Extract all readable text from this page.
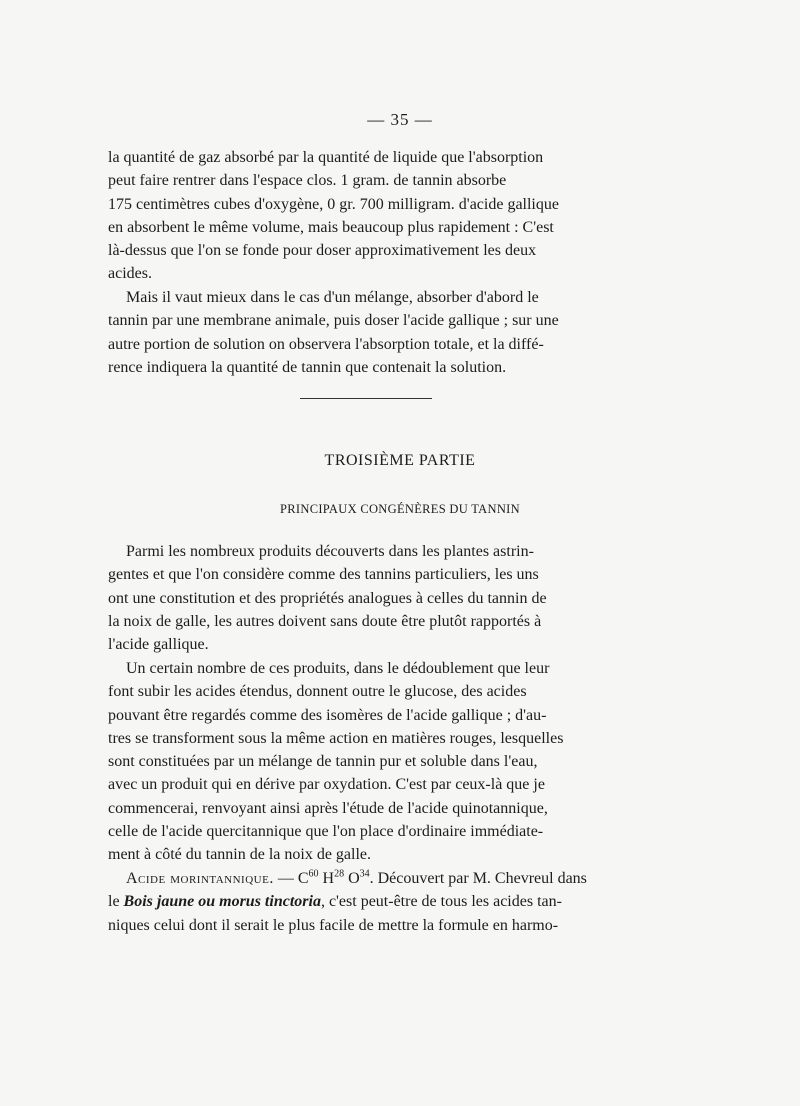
— 35 —

la quantité de gaz absorbé par la quantité de liquide que l'absorption

peut faire rentrer dans l'espace clos. 1 gram. de tannin absorbe

175 centimètres cubes d'oxygène, 0 gr. 700 milligram. d'acide gallique

en absorbent le même volume, mais beaucoup plus rapidement : C'est

là-dessus que l'on se fonde pour doser approximativement les deux

acides.

Mais il vaut mieux dans le cas d'un mélange, absorber d'abord le

tannin par une membrane animale, puis doser l'acide gallique ; sur une

autre portion de solution on observera l'absorption totale, et la diffé-

rence indiquera la quantité de tannin que contenait la solution.

TROISIÈME PARTIE
PRINCIPAUX CONGÉNÈRES DU TANNIN

Parmi les nombreux produits découverts dans les plantes astrin-

gentes et que l'on considère comme des tannins particuliers, les uns

ont une constitution et des propriétés analogues à celles du tannin de

la noix de galle, les autres doivent sans doute être plutôt rapportés à

l'acide gallique.

Un certain nombre de ces produits, dans le dédoublement que leur

font subir les acides étendus, donnent outre le glucose, des acides

pouvant être regardés comme des isomères de l'acide gallique ; d'au-

tres se transforment sous la même action en matières rouges, lesquelles

sont constituées par un mélange de tannin pur et soluble dans l'eau,

avec un produit qui en dérive par oxydation. C'est par ceux-là que je

commencerai, renvoyant ainsi après l'étude de l'acide quinotannique,

celle de l'acide quercitannique que l'on place d'ordinaire immédiate-

ment à côté du tannin de la noix de galle.

Acide morintannique. — $C^{60}$ $H^{28}$ $O^{34}$. Découvert par M. Chevreul dans

le Bois jaune ou morus tinctoria, c'est peut-être de tous les acides tan-

niques celui dont il serait le plus facile de mettre la formule en harmo-
